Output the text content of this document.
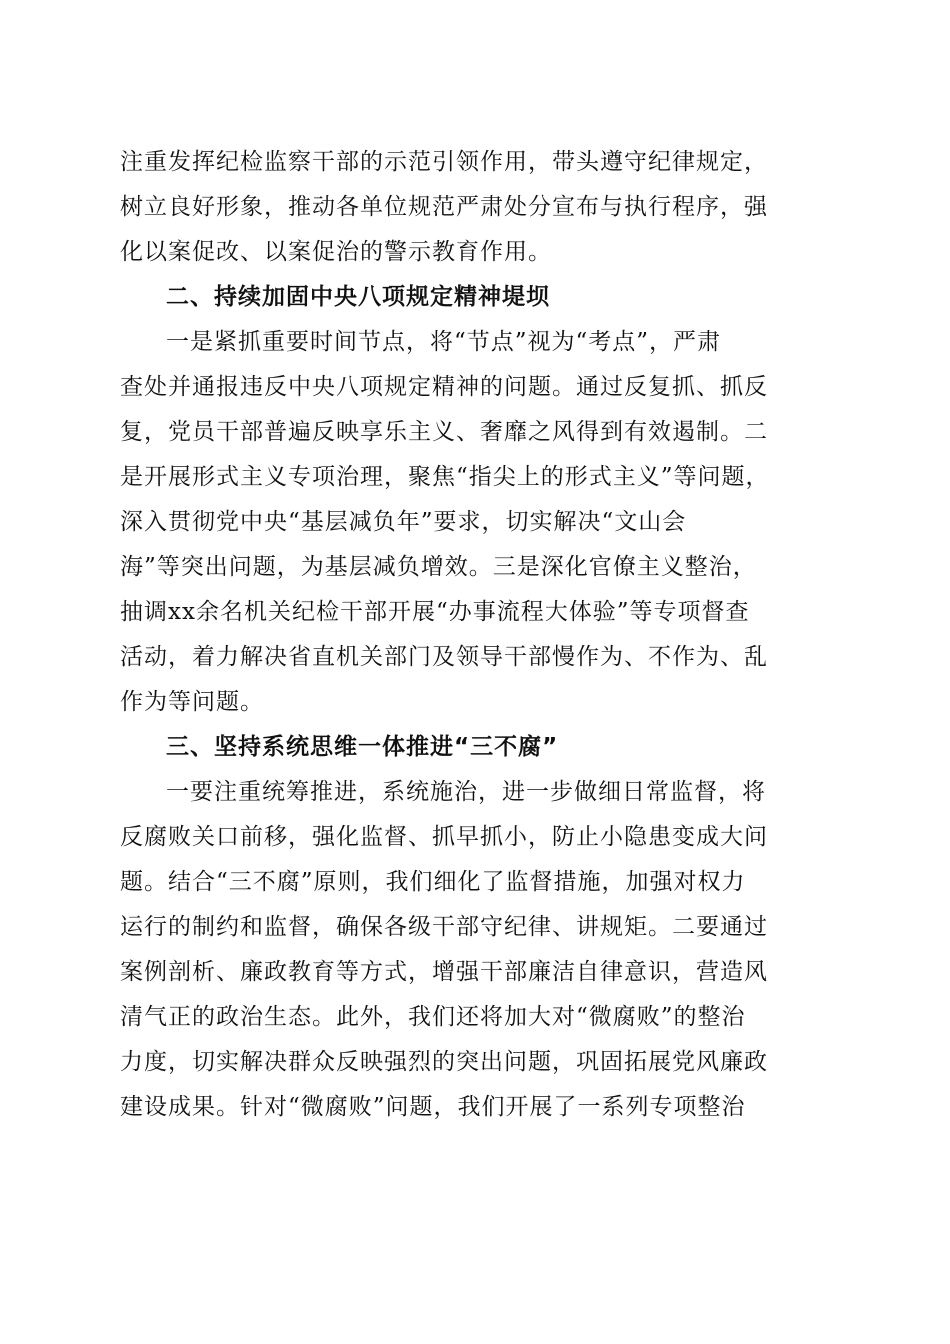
注重发挥纪检监察干部的示范引领作用，带头遵守纪律规定，
树立良好形象，推动各单位规范严肃处分宣布与执行程序，强
化以案促改、以案促治的警示教育作用。
二、持续加固中央八项规定精神堤坝
一是紧抓重要时间节点，将“节点”视为“考点”，严肃
查处并通报违反中央八项规定精神的问题。通过反复抓、抓反
复，党员干部普遍反映享乐主义、奢靡之风得到有效遏制。二
是开展形式主义专项治理，聚焦“指尖上的形式主义”等问题，
深入贯彻党中央“基层减负年”要求，切实解决“文山会
海”等突出问题，为基层减负增效。三是深化官僚主义整治，
抽调xx余名机关纪检干部开展“办事流程大体验”等专项督查
活动，着力解决省直机关部门及领导干部慢作为、不作为、乱
作为等问题。
三、坚持系统思维一体推进“三不腐”
一要注重统筹推进，系统施治，进一步做细日常监督，将
反腐败关口前移，强化监督、抓早抓小，防止小隐患变成大问
题。结合“三不腐”原则，我们细化了监督措施，加强对权力
运行的制约和监督，确保各级干部守纪律、讲规矩。二要通过
案例剖析、廉政教育等方式，增强干部廉洁自律意识，营造风
清气正的政治生态。此外，我们还将加大对“微腐败”的整治
力度，切实解决群众反映强烈的突出问题，巩固拓展党风廉政
建设成果。针对“微腐败”问题，我们开展了一系列专项整治
